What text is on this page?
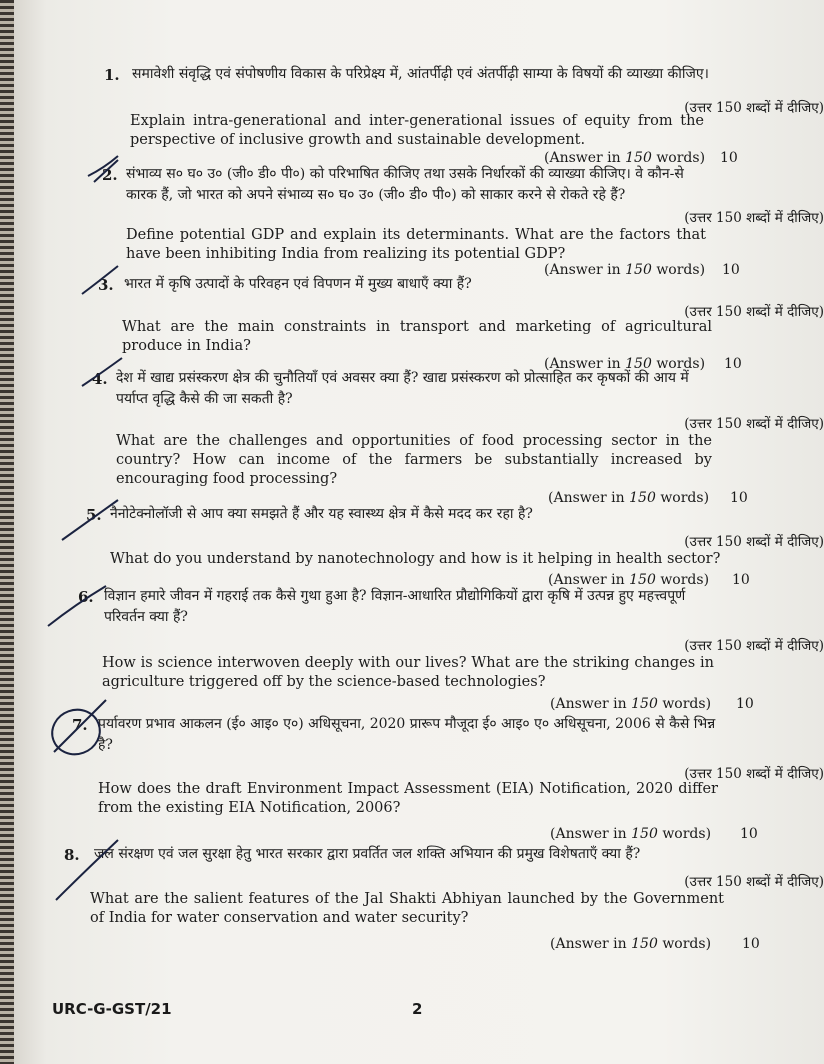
1. समावेशी संवृद्धि एवं संपोषणीय विकास के परिप्रेक्ष्य में, आंतर्पीढ़ी एवं अंतर्पीढ़ी साम्या के विषयों की व्याख्या कीजिए।
(उत्तर 150 शब्दों में दीजिए)
Explain intra-generational and inter-generational issues of equity from the perspective of inclusive growth and sustainable development.
(Answer in 150 words) 10
2. संभाव्य स० घ० उ० (जी० डी० पी०) को परिभाषित कीजिए तथा उसके निर्धारकों की व्याख्या कीजिए। वे कौन-से कारक हैं, जो भारत को अपने संभाव्य स० घ० उ० (जी० डी० पी०) को साकार करने से रोकते रहे हैं?
(उत्तर 150 शब्दों में दीजिए)
Define potential GDP and explain its determinants. What are the factors that have been inhibiting India from realizing its potential GDP?
(Answer in 150 words) 10
3. भारत में कृषि उत्पादों के परिवहन एवं विपणन में मुख्य बाधाएँ क्या हैं?
(उत्तर 150 शब्दों में दीजिए)
What are the main constraints in transport and marketing of agricultural produce in India?
(Answer in 150 words) 10
4. देश में खाद्य प्रसंस्करण क्षेत्र की चुनौतियाँ एवं अवसर क्या हैं? खाद्य प्रसंस्करण को प्रोत्साहित कर कृषकों की आय में पर्याप्त वृद्धि कैसे की जा सकती है?
(उत्तर 150 शब्दों में दीजिए)
What are the challenges and opportunities of food processing sector in the country? How can income of the farmers be substantially increased by encouraging food processing?
(Answer in 150 words) 10
5. नैनोटेक्नोलॉजी से आप क्या समझते हैं और यह स्वास्थ्य क्षेत्र में कैसे मदद कर रहा है?
(उत्तर 150 शब्दों में दीजिए)
What do you understand by nanotechnology and how is it helping in health sector?
(Answer in 150 words) 10
6. विज्ञान हमारे जीवन में गहराई तक कैसे गुथा हुआ है? विज्ञान-आधारित प्रौद्योगिकियों द्वारा कृषि में उत्पन्न हुए महत्त्वपूर्ण परिवर्तन क्या हैं?
(उत्तर 150 शब्दों में दीजिए)
How is science interwoven deeply with our lives? What are the striking changes in agriculture triggered off by the science-based technologies?
(Answer in 150 words) 10
7. पर्यावरण प्रभाव आकलन (ई० आइ० ए०) अधिसूचना, 2020 प्रारूप मौजूदा ई० आइ० ए० अधिसूचना, 2006 से कैसे भिन्न है?
(उत्तर 150 शब्दों में दीजिए)
How does the draft Environment Impact Assessment (EIA) Notification, 2020 differ from the existing EIA Notification, 2006?
(Answer in 150 words) 10
8. जल संरक्षण एवं जल सुरक्षा हेतु भारत सरकार द्वारा प्रवर्तित जल शक्ति अभियान की प्रमुख विशेषताएँ क्या हैं?
(उत्तर 150 शब्दों में दीजिए)
What are the salient features of the Jal Shakti Abhiyan launched by the Government of India for water conservation and water security?
(Answer in 150 words) 10
URC-G-GST/21	2
